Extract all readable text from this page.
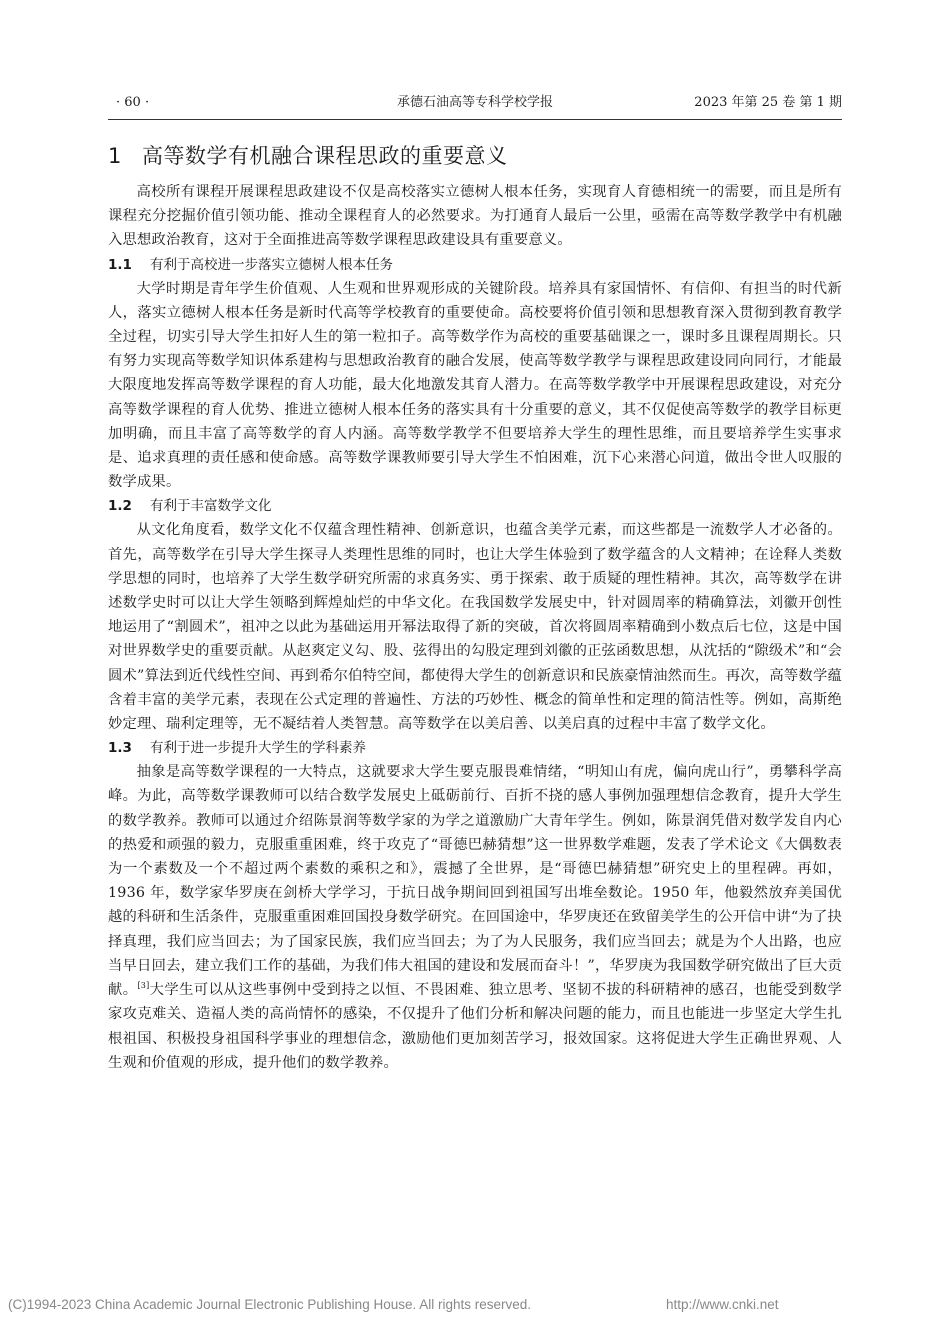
· 60 ·	承德石油高等专科学校学报	2023 年第 25 卷 第 1 期
1 高等数学有机融合课程思政的重要意义

高校所有课程开展课程思政建设不仅是高校落实立德树人根本任务，实现育人育德相统一的需要，而且是所有课程充分挖掘价值引领功能、推动全课程育人的必然要求。为打通育人最后一公里，亟需在高等数学教学中有机融入思想政治教育，这对于全面推进高等数学课程思政建设具有重要意义。

1.1 有利于高校进一步落实立德树人根本任务

大学时期是青年学生价值观、人生观和世界观形成的关键阶段。培养具有家国情怀、有信仰、有担当的时代新人，落实立德树人根本任务是新时代高等学校教育的重要使命。高校要将价值引领和思想教育深入贯彻到教育教学全过程，切实引导大学生扣好人生的第一粒扣子。高等数学作为高校的重要基础课之一，课时多且课程周期长。只有努力实现高等数学知识体系建构与思想政治教育的融合发展，使高等数学教学与课程思政建设同向同行，才能最大限度地发挥高等数学课程的育人功能，最大化地激发其育人潜力。在高等数学教学中开展课程思政建设，对充分高等数学课程的育人优势、推进立德树人根本任务的落实具有十分重要的意义，其不仅促使高等数学的教学目标更加明确，而且丰富了高等数学的育人内涵。高等数学教学不但要培养大学生的理性思维，而且要培养学生实事求是、追求真理的责任感和使命感。高等数学课教师要引导大学生不怕困难，沉下心来潜心问道，做出令世人叹服的数学成果。

1.2 有利于丰富数学文化

从文化角度看，数学文化不仅蕴含理性精神、创新意识，也蕴含美学元素，而这些都是一流数学人才必备的。首先，高等数学在引导大学生探寻人类理性思维的同时，也让大学生体验到了数学蕴含的人文精神；在诠释人类数学思想的同时，也培养了大学生数学研究所需的求真务实、勇于探索、敢于质疑的理性精神。其次，高等数学在讲述数学史时可以让大学生领略到辉煌灿烂的中华文化。在我国数学发展史中，针对圆周率的精确算法，刘徽开创性地运用了“割圆术”，祖冲之以此为基础运用开幂法取得了新的突破，首次将圆周率精确到小数点后七位，这是中国对世界数学史的重要贡献。从赵爽定义勾、股、弦得出的勾股定理到刘徽的正弦函数思想，从沈括的“隙级术”和“会圆术”算法到近代线性空间、再到希尔伯特空间，都使得大学生的创新意识和民族豪情油然而生。再次，高等数学蕴含着丰富的美学元素，表现在公式定理的普遍性、方法的巧妙性、概念的简单性和定理的简洁性等。例如，高斯绝妙定理、瑞利定理等，无不凝结着人类智慧。高等数学在以美启善、以美启真的过程中丰富了数学文化。

1.3 有利于进一步提升大学生的学科素养

抽象是高等数学课程的一大特点，这就要求大学生要克服畏难情绪，“明知山有虎，偏向虎山行”，勇攀科学高峰。为此，高等数学课教师可以结合数学发展史上砥砺前行、百折不挠的感人事例加强理想信念教育，提升大学生的数学教养。教师可以通过介绍陈景润等数学家的为学之道激励广大青年学生。例如，陈景润凭借对数学发自内心的热爱和顽强的毅力，克服重重困难，终于攻克了“哥德巴赫猜想”这一世界数学难题，发表了学术论文《大偶数表为一个素数及一个不超过两个素数的乘积之和》，震撼了全世界，是“哥德巴赫猜想”研究史上的里程碑。再如，1936 年，数学家华罗庚在剑桥大学学习，于抗日战争期间回到祖国写出堆垒数论。1950 年，他毅然放弃美国优越的科研和生活条件，克服重重困难回国投身数学研究。在回国途中，华罗庚还在致留美学生的公开信中讲“为了抉择真理，我们应当回去；为了国家民族，我们应当回去；为了为人民服务，我们应当回去；就是为个人出路，也应当早日回去，建立我们工作的基础，为我们伟大祖国的建设和发展而奋斗！”，华罗庚为我国数学研究做出了巨大贡献。[3]大学生可以从这些事例中受到持之以恒、不畏困难、独立思考、坚韧不拔的科研精神的感召，也能受到数学家攻克难关、造福人类的高尚情怀的感染，不仅提升了他们分析和解决问题的能力，而且也能进一步坚定大学生扎根祖国、积极投身祖国科学事业的理想信念，激励他们更加刻苦学习，报效国家。这将促进大学生正确世界观、人生观和价值观的形成，提升他们的数学教养。

(C)1994-2023 China Academic Journal Electronic Publishing House. All rights reserved.	http://www.cnki.net
